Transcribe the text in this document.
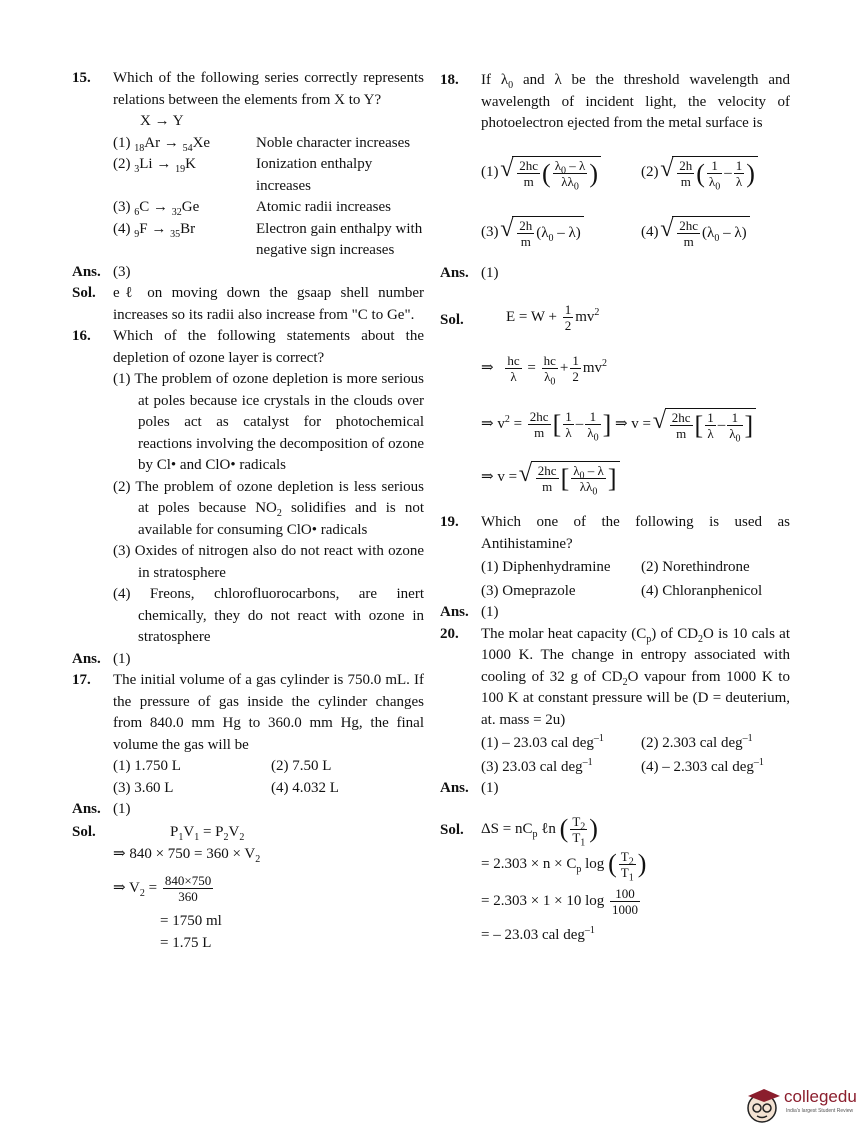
15. Which of the following series correctly represents relations between the elements from X to Y?
X → Y
(1) $_{18}$Ar → $_{54}$Xe	Noble character increases
(2) $_3$Li → $_{19}$K	Ionization enthalpy increases
(3) $_6$C → $_{32}$Ge	Atomic radii increases
(4) $_9$F → $_{35}$Br	Electron gain enthalpy with negative sign increases
Ans. (3)
Sol. eℓ on moving down the gsaap shell number increases so its radii also increase from "C to Ge".
16. Which of the following statements about the depletion of ozone layer is correct?
(1) The problem of ozone depletion is more serious at poles because ice crystals in the clouds over poles act as catalyst for photochemical reactions involving the decomposition of ozone by Cl• and ClO• radicals
(2) The problem of ozone depletion is less serious at poles because $NO_2$ solidifies and is not available for consuming ClO• radicals
(3) Oxides of nitrogen also do not react with ozone in stratosphere
(4) Freons, chlorofluorocarbons, are inert chemically, they do not react with ozone in stratosphere
Ans. (1)
17. The initial volume of a gas cylinder is 750.0 mL. If the pressure of gas inside the cylinder changes from 840.0 mm Hg to 360.0 mm Hg, the final volume the gas will be
(1) 1.750 L	(2) 7.50 L
(3) 3.60 L	(4) 4.032 L
Ans. (1)
Sol.	$P_1V_1 = P_2V_2$
⇒ $840 \times 750 = 360 \times V_2$
⇒ $V_2 = \frac{840\times 750}{360}$
= 1750 ml
= 1.75 L
18. If $\lambda_0$ and λ be the threshold wavelength and wavelength of incident light, the velocity of photoelectron ejected from the metal surface is
(1) √ $\frac{2hc}{m}$ ( $\frac{\lambda_0 - \lambda}{\lambda\lambda_0}$ )	(2) √ $\frac{2h}{m}$ ( $\frac{1}{\lambda_0} - \frac{1}{\lambda}$ )
(3) √ $\frac{2h}{m} (\lambda_0 - \lambda)$	(4) √ $\frac{2hc}{m} (\lambda_0 - \lambda)$
Ans. (1)
Sol.	$E = W + \frac{1}{2} mv^2$
⇒ $\frac{hc}{\lambda} = \frac{hc}{\lambda_0} + \frac{1}{2} mv^2$
⇒ $v^2 = \frac{2hc}{m}$ [ $\frac{1}{\lambda} - \frac{1}{\lambda_0}$ ] ⇒ v = √ $\frac{2hc}{m}$ [ $\frac{1}{\lambda} - \frac{1}{\lambda_0}$ ]
⇒ v = √ $\frac{2hc}{m}$ [ $\frac{\lambda_0 - \lambda}{\lambda\lambda_0}$ ]
19. Which one of the following is used as Antihistamine?
(1) Diphenhydramine	(2) Norethindrone
(3) Omeprazole	(4) Chloranphenicol
Ans. (1)
20. The molar heat capacity $(C_p)$ of $CD_2O$ is 10 cals at 1000 K. The change in entropy associated with cooling of 32 g of $CD_2O$ vapour from 1000 K to 100 K at constant pressure will be (D = deuterium, at. mass = 2u)
(1) – 23.03 cal deg$^{-1}$	(2) 2.303 cal deg$^{-1}$
(3) 23.03 cal deg$^{-1}$	(4) – 2.303 cal deg$^{-1}$
Ans. (1)
Sol. $\Delta S = nC_p$ ℓn ( $\frac{T_2}{T_1}$ )
= $2.303 \times n \times C_p$ log ( $\frac{T_2}{T_1}$ )
= 2.303 × 1 × 10 $\log \frac{100}{1000}$
= – 23.03 cal deg$^{-1}$
collegedu
India's largest Student Review
